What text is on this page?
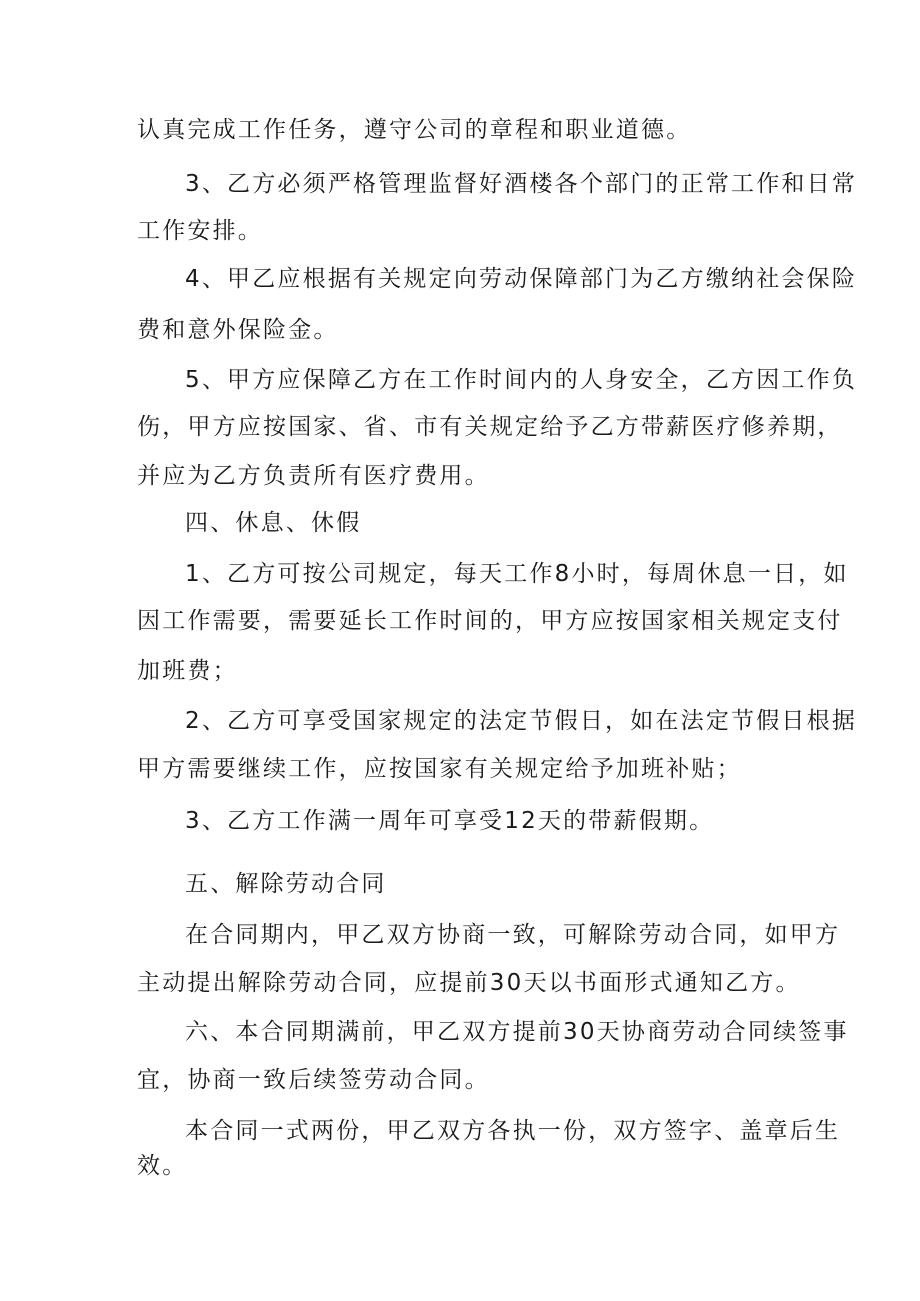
认真完成工作任务，遵守公司的章程和职业道德。
3、乙方必须严格管理监督好酒楼各个部门的正常工作和日常
工作安排。
4、甲乙应根据有关规定向劳动保障部门为乙方缴纳社会保险
费和意外保险金。
5、甲方应保障乙方在工作时间内的人身安全，乙方因工作负
伤，甲方应按国家、省、市有关规定给予乙方带薪医疗修养期，
并应为乙方负责所有医疗费用。
四、休息、休假
1、乙方可按公司规定，每天工作8小时，每周休息一日，如
因工作需要，需要延长工作时间的，甲方应按国家相关规定支付
加班费；
2、乙方可享受国家规定的法定节假日，如在法定节假日根据
甲方需要继续工作，应按国家有关规定给予加班补贴；
3、乙方工作满一周年可享受12天的带薪假期。
五、解除劳动合同
在合同期内，甲乙双方协商一致，可解除劳动合同，如甲方
主动提出解除劳动合同，应提前30天以书面形式通知乙方。
六、本合同期满前，甲乙双方提前30天协商劳动合同续签事
宜，协商一致后续签劳动合同。
本合同一式两份，甲乙双方各执一份，双方签字、盖章后生
效。
